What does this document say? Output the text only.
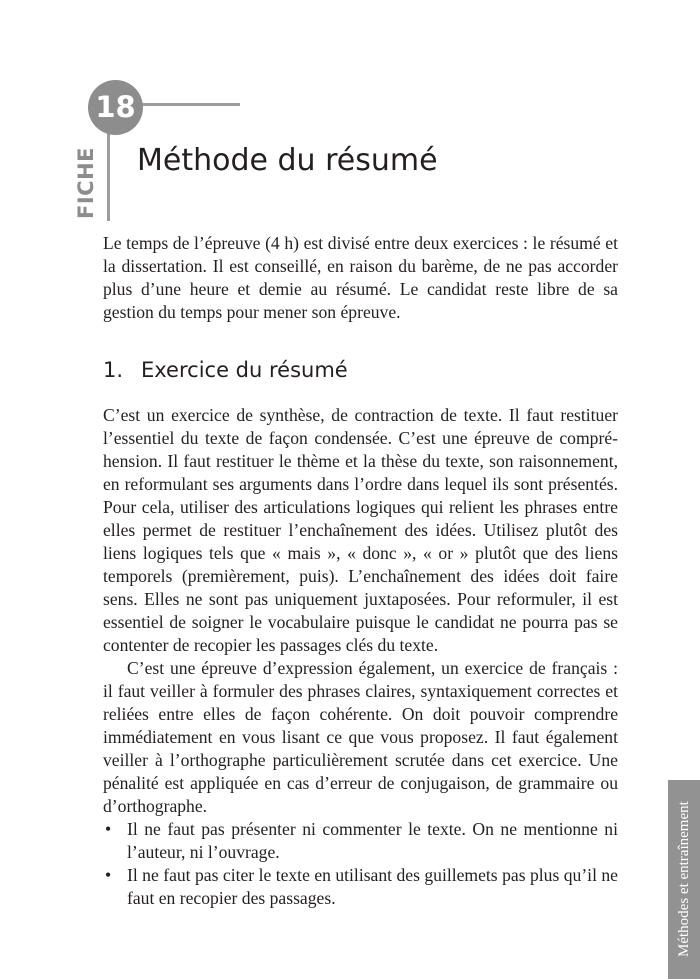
FICHE
18
Méthode du résumé

Le temps de l’épreuve (4 h) est divisé entre deux exercices : le résumé et la dissertation. Il est conseillé, en raison du barème, de ne pas accorder plus d’une heure et demie au résumé. Le candidat reste libre de sa gestion du temps pour mener son épreuve.

1. Exercice du résumé

C’est un exercice de synthèse, de contraction de texte. Il faut restituer l’essentiel du texte de façon condensée. C’est une épreuve de compréhension. Il faut restituer le thème et la thèse du texte, son raisonnement, en reformulant ses arguments dans l’ordre dans lequel ils sont présentés. Pour cela, utiliser des articulations logiques qui relient les phrases entre elles permet de restituer l’enchaînement des idées. Utilisez plutôt des liens logiques tels que « mais », « donc », « or » plutôt que des liens temporels (premièrement, puis). L’enchaînement des idées doit faire sens. Elles ne sont pas uniquement juxtaposées. Pour reformuler, il est essentiel de soigner le vocabulaire puisque le candidat ne pourra pas se contenter de recopier les passages clés du texte.

C’est une épreuve d’expression également, un exercice de français : il faut veiller à formuler des phrases claires, syntaxiquement correctes et reliées entre elles de façon cohérente. On doit pouvoir comprendre immédiatement en vous lisant ce que vous proposez. Il faut également veiller à l’orthographe particulièrement scrutée dans cet exercice. Une pénalité est appliquée en cas d’erreur de conjugaison, de grammaire ou d’orthographe.

• Il ne faut pas présenter ni commenter le texte. On ne mentionne ni l’auteur, ni l’ouvrage.
• Il ne faut pas citer le texte en utilisant des guillemets pas plus qu’il ne faut en recopier des passages.	Méthodes et entraînement
